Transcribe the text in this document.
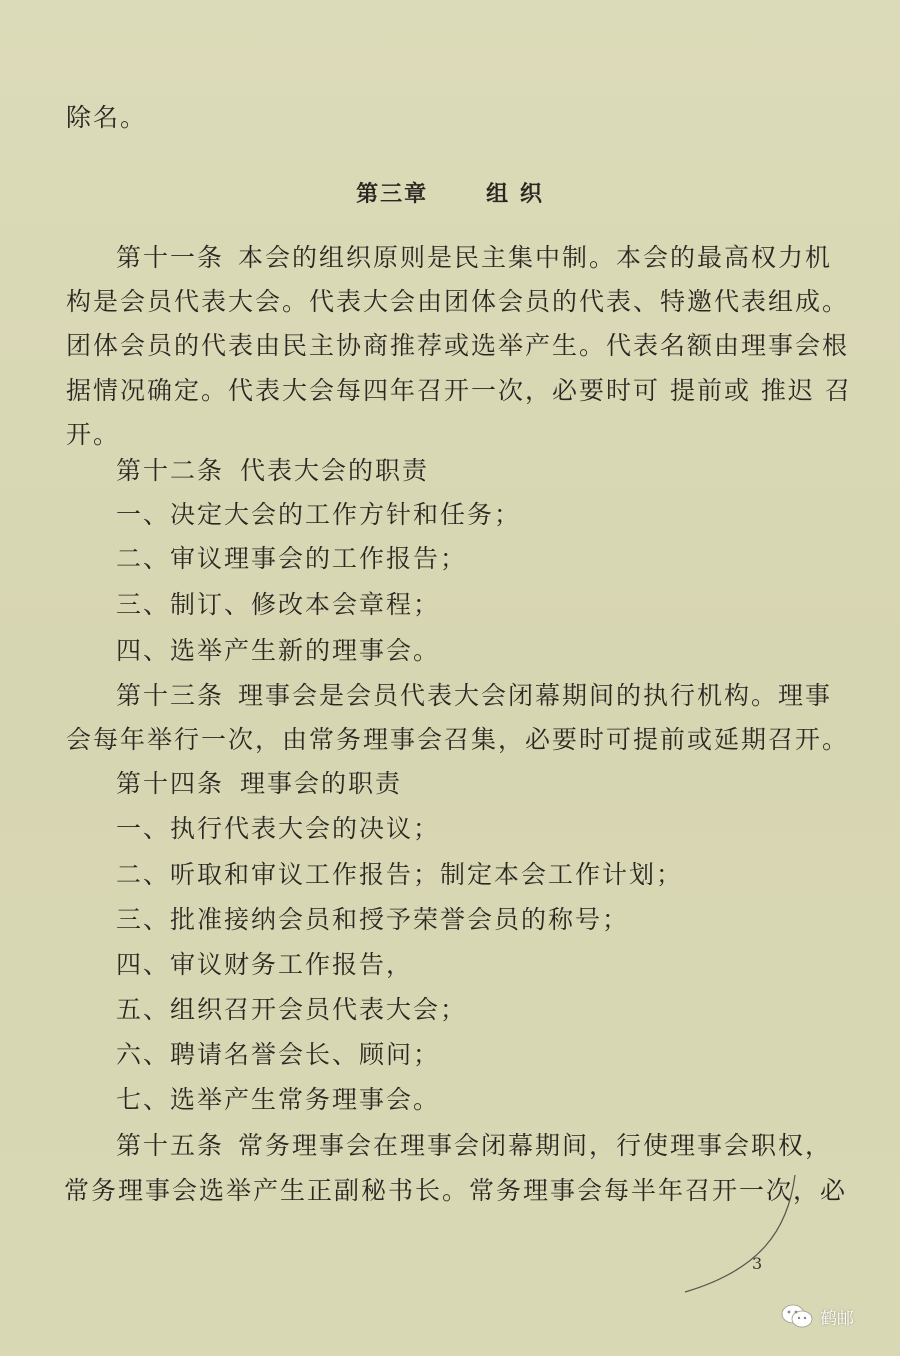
除名。
第三章	组 织
第十一条 本会的组织原则是民主集中制。本会的最高权力机
构是会员代表大会。代表大会由团体会员的代表、特邀代表组成。
团体会员的代表由民主协商推荐或选举产生。代表名额由理事会根
据情况确定。代表大会每四年召开一次，必要时可 提前或 推迟 召
开。
第十二条 代表大会的职责
一、决定大会的工作方针和任务；
二、审议理事会的工作报告；
三、制订、修改本会章程；
四、选举产生新的理事会。
第十三条 理事会是会员代表大会闭幕期间的执行机构。理事
会每年举行一次，由常务理事会召集，必要时可提前或延期召开。
第十四条 理事会的职责
一、执行代表大会的决议；
二、听取和审议工作报告；制定本会工作计划；
三、批准接纳会员和授予荣誉会员的称号；
四、审议财务工作报告，
五、组织召开会员代表大会；
六、聘请名誉会长、顾问；
七、选举产生常务理事会。
第十五条 常务理事会在理事会闭幕期间，行使理事会职权，
常务理事会选举产生正副秘书长。常务理事会每半年召开一次，必
3
鹤邮
